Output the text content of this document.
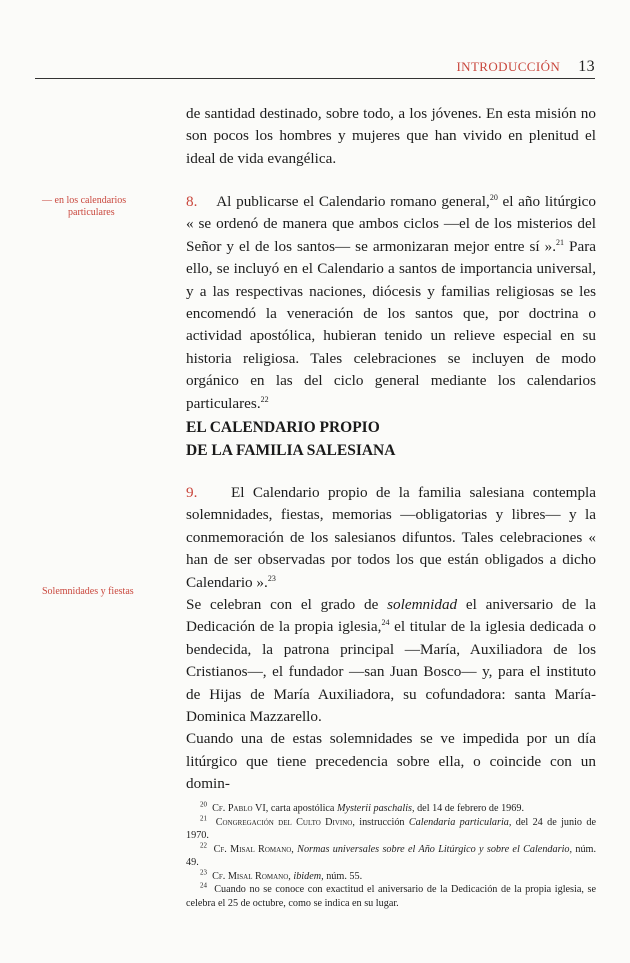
INTRODUCCIÓN 13

de santidad destinado, sobre todo, a los jóvenes. En esta misión no son pocos los hombres y mujeres que han vivido en plenitud el ideal de vida evangélica.

— en los calendarios
particulares

8. Al publicarse el Calendario romano general,$^{20}$ el año litúrgico « se ordenó de manera que ambos ciclos —el de los misterios del Señor y el de los santos— se armonizaran mejor entre sí ».$^{21}$ Para ello, se incluyó en el Calendario a santos de importancia universal, y a las respectivas naciones, diócesis y familias religiosas se les encomendó la veneración de los santos que, por doctrina o actividad apostólica, hubieran tenido un relieve especial en su historia religiosa. Tales celebraciones se incluyen de modo orgánico en las del ciclo general mediante los calendarios particulares.$^{22}$

EL CALENDARIO PROPIO
DE LA FAMILIA SALESIANA

9. El Calendario propio de la familia salesiana contempla solemnidades, fiestas, memorias —obligatorias y libres— y la conmemoración de los salesianos difuntos. Tales celebraciones « han de ser observadas por todos los que están obligados a dicho Calendario ».$^{23}$

Se celebran con el grado de solemnidad el aniversario de la Dedicación de la propia iglesia,$^{24}$ el titular de la iglesia dedicada o bendecida, la patrona principal —María, Auxiliadora de los Cristianos—, el fundador —san Juan Bosco— y, para el instituto de Hijas de María Auxiliadora, su cofundadora: santa María-Dominica Mazzarello.

Cuando una de estas solemnidades se ve impedida por un día litúrgico que tiene precedencia sobre ella, o coincide con un domin-

Solemnidades y fiestas

$^{20}$ Cf. Pablo VI, carta apostólica Mysterii paschalis, del 14 de febrero de 1969.

$^{21}$ Congregación del Culto Divino, instrucción Calendaria particularia, del 24 de junio de 1970.

$^{22}$ Cf. Misal Romano, Normas universales sobre el Año Litúrgico y sobre el Calendario, núm. 49.

$^{23}$ Cf. Misal Romano, ibidem, núm. 55.

$^{24}$ Cuando no se conoce con exactitud el aniversario de la Dedicación de la propia iglesia, se celebra el 25 de octubre, como se indica en su lugar.
